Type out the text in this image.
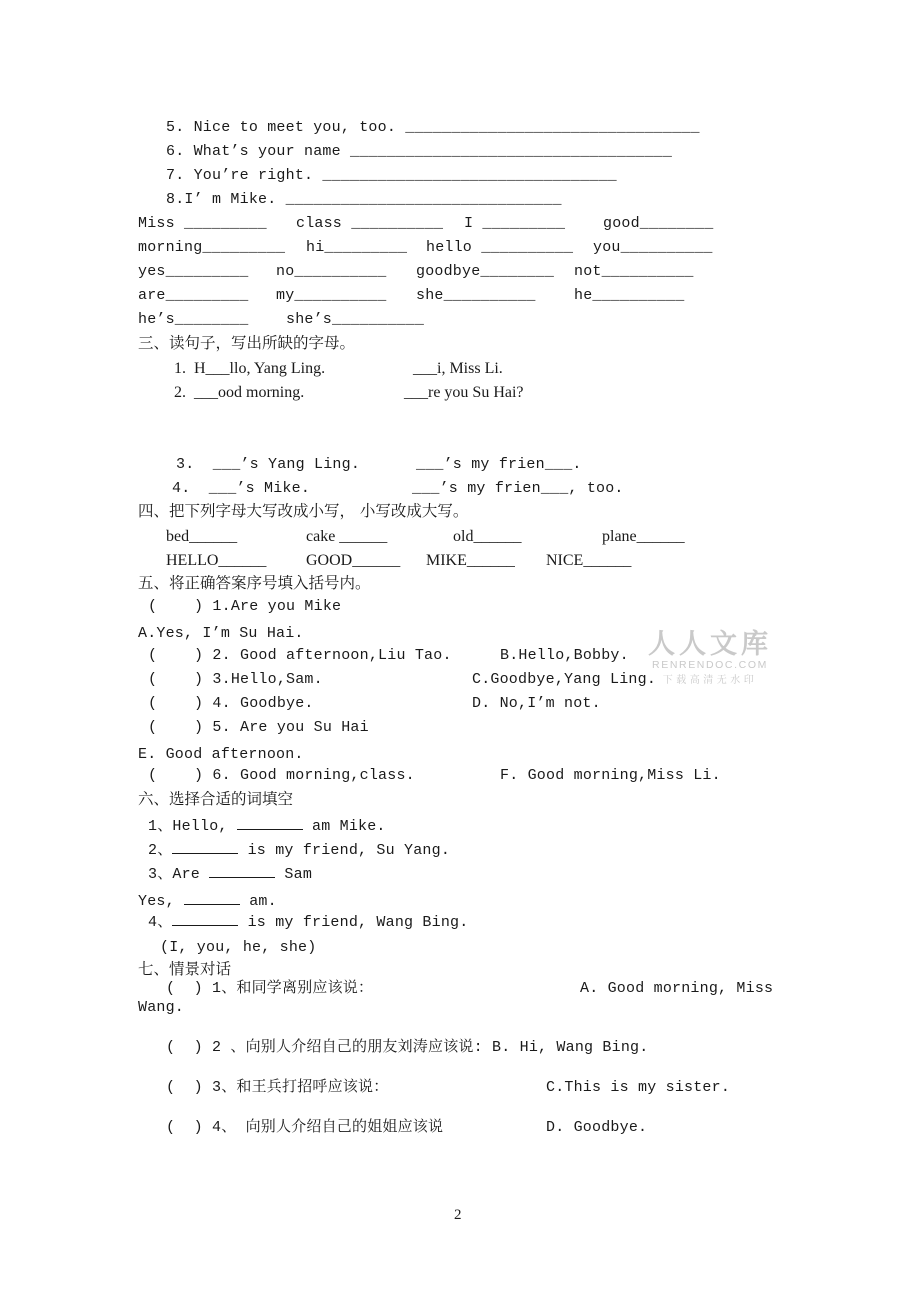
5. Nice to meet you, too. ________________________________
6. What’s your name ___________________________________
7. You’re right. ________________________________
8.I’ m Mike. ______________________________
Miss _________ class __________ I _________	good________
morning_________ hi_________ hello __________ you__________
yes_________ no__________ goodbye________ not__________
are_________ my__________ she__________	he__________
he’s________	she’s__________
三、读句子，写出所缺的字母。
1.  H___llo, Yang Ling.	___i, Miss Li.
2.  ___ood morning.	___re you Su Hai?
3.  ___’s Yang Ling.	___’s my frien___.
4.  ___’s Mike.	___’s my frien___, too.
四、把下列字母大写改成小写， 小写改成大写。
bed______	cake ______	old______	plane______
HELLO______ GOOD______ MIKE______ NICE______
五、将正确答案序号填入括号内。
(    ) 1.Are you Mike
A.Yes, I’m Su Hai.
(    ) 2. Good afternoon,Liu Tao.	B.Hello,Bobby.
(    ) 3.Hello,Sam.	C.Goodbye,Yang Ling.
(    ) 4. Goodbye.	D. No,I’m not.
(    ) 5. Are you Su Hai
E. Good afternoon.
(    ) 6. Good morning,class.	F. Good morning,Miss Li.
人人文库
RENRENDOC.COM
下载高清无水印
六、选择合适的词填空
1、Hello,	am Mike.
2、	is my friend, Su Yang.
3、Are	Sam
Yes,	am.
4、	is my friend, Wang Bing.
(I, you, he, she)
七、情景对话
(  ) 1、和同学离别应该说：	A. Good morning, Miss
Wang.
(  ) 2 、向别人介绍自己的朋友刘涛应该说: B. Hi, Wang Bing.
(  ) 3、和王兵打招呼应该说：	C.This is my sister.
(  ) 4、 向别人介绍自己的姐姐应该说	D. Goodbye.
2
